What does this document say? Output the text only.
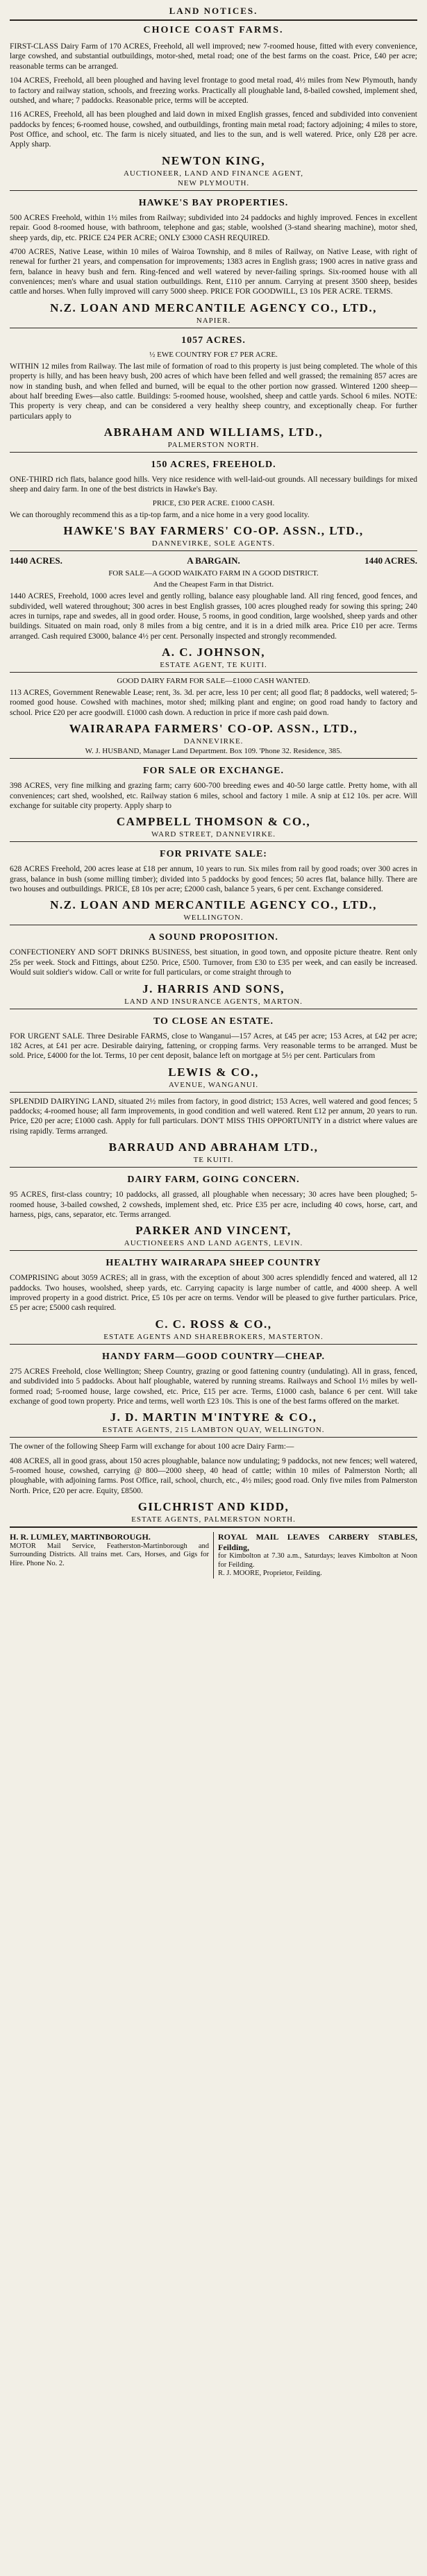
LAND NOTICES.
CHOICE COAST FARMS.

FIRST-CLASS Dairy Farm of 170 ACRES, Freehold, all well improved; new 7-roomed house, fitted with every convenience, large cowshed, and substantial outbuildings, motor-shed, metal road; one of the best farms on the coast. Price, £40 per acre; reasonable terms can be arranged.

104 ACRES, Freehold, all been ploughed and having level frontage to good metal road, 4½ miles from New Plymouth, handy to factory and railway station, schools, and freezing works. Practically all ploughable land, 8-bailed cowshed, implement shed, outshed, and whare; 7 paddocks. Reasonable price, terms will be accepted.

116 ACRES, Freehold, all has been ploughed and laid down in mixed English grasses, fenced and subdivided into convenient paddocks by fences; 6-roomed house, cowshed, and outbuildings, fronting main metal road; factory adjoining; 4 miles to store, Post Office, and school, etc. The farm is nicely situated, and lies to the sun, and is well watered. Price, only £28 per acre. Apply sharp.

NEWTON KING,
AUCTIONEER, LAND AND FINANCE AGENT,
NEW PLYMOUTH.
HAWKE'S BAY PROPERTIES.

500 ACRES Freehold, within 1½ miles from Railway; subdivided into 24 paddocks and highly improved. Fences in excellent repair. Good 8-roomed house, with bathroom, telephone and gas; stable, woolshed (3-stand shearing machine), motor shed, sheep yards, dip, etc. PRICE £24 PER ACRE; ONLY £3000 CASH REQUIRED.

4700 ACRES, Native Lease, within 10 miles of Wairoa Township, and 8 miles of Railway, on Native Lease, with right of renewal for further 21 years, and compensation for improvements; 1383 acres in English grass; 1900 acres in native grass and fern, balance in heavy bush and fern. Ring-fenced and well watered by never-failing springs. Six-roomed house with all conveniences; men's whare and usual station outbuildings. Rent, £110 per annum. Carrying at present 3500 sheep, besides cattle and horses. When fully improved will carry 5000 sheep. PRICE FOR GOODWILL, £3 10s PER ACRE. TERMS.

N.Z. LOAN AND MERCANTILE AGENCY CO., LTD.,
NAPIER.
1057 ACRES.
½ EWE COUNTRY FOR £7 PER ACRE.

WITHIN 12 miles from Railway. The last mile of formation of road to this property is just being completed. The whole of this property is hilly, and has been heavy bush, 200 acres of which have been felled and well grassed; the remaining 857 acres are now in standing bush, and when felled and burned, will be equal to the other portion now grassed. Wintered 1200 sheep—about half breeding Ewes—also cattle. Buildings: 5-roomed house, woolshed, sheep and cattle yards. School 6 miles. NOTE: This property is very cheap, and can be considered a very healthy sheep country, and exceptionally cheap. For further particulars apply to

ABRAHAM AND WILLIAMS, LTD.,
PALMERSTON NORTH.
150 ACRES, FREEHOLD.

ONE-THIRD rich flats, balance good hills. Very nice residence with well-laid-out grounds. All necessary buildings for mixed sheep and dairy farm. In one of the best districts in Hawke's Bay.

PRICE, £30 PER ACRE. £1000 CASH.

We can thoroughly recommend this as a tip-top farm, and a nice home in a very good locality.

HAWKE'S BAY FARMERS' CO-OP. ASSN., LTD.,
DANNEVIRKE, SOLE AGENTS.
1440 ACRES.	A BARGAIN.	1440 ACRES.
FOR SALE—A GOOD WAIKATO FARM IN A GOOD DISTRICT.
And the Cheapest Farm in that District.

1440 ACRES, Freehold, 1000 acres level and gently rolling, balance easy ploughable land. All ring fenced, good fences, and subdivided, well watered throughout; 300 acres in best English grasses, 100 acres ploughed ready for sowing this spring; 240 acres in turnips, rape and swedes, all in good order. House, 5 rooms, in good condition, large woolshed, sheep yards and other buildings. Situated on main road, only 8 miles from a big centre, and it is in a dried milk area. Price £10 per acre. Terms arranged. Cash required £3000, balance 4½ per cent. Personally inspected and strongly recommended.

A. C. JOHNSON,
ESTATE AGENT, TE KUITI.
GOOD DAIRY FARM FOR SALE—£1000 CASH WANTED.

113 ACRES, Government Renewable Lease; rent, 3s. 3d. per acre, less 10 per cent; all good flat; 8 paddocks, well watered; 5-roomed good house. Cowshed with machines, motor shed; milking plant and engine; on good road handy to factory and school. Price £20 per acre goodwill. £1000 cash down. A reduction in price if more cash paid down.

WAIRARAPA FARMERS' CO-OP. ASSN., LTD.,
DANNEVIRKE.
W. J. HUSBAND, Manager Land Department. Box 109. 'Phone 32. Residence, 385.
FOR SALE OR EXCHANGE.

398 ACRES, very fine milking and grazing farm; carry 600-700 breeding ewes and 40-50 large cattle. Pretty home, with all conveniences; cart shed, woolshed, etc. Railway station 6 miles, school and factory 1 mile. A snip at £12 10s. per acre. Will exchange for suitable city property. Apply sharp to

CAMPBELL THOMSON & CO.,
WARD STREET, DANNEVIRKE.
FOR PRIVATE SALE:

628 ACRES Freehold, 200 acres lease at £18 per annum, 10 years to run. Six miles from rail by good roads; over 300 acres in grass, balance in bush (some milling timber); divided into 5 paddocks by good fences; 50 acres flat, balance hilly. There are two houses and outbuildings. PRICE, £8 10s per acre; £2000 cash, balance 5 years, 6 per cent. Exchange considered.

N.Z. LOAN AND MERCANTILE AGENCY CO., LTD.,
WELLINGTON.
A SOUND PROPOSITION.

CONFECTIONERY AND SOFT DRINKS BUSINESS, best situation, in good town, and opposite picture theatre. Rent only 25s per week. Stock and Fittings, about £250. Price, £500. Turnover, from £30 to £35 per week, and can easily be increased. Would suit soldier's widow. Call or write for full particulars, or come straight through to

J. HARRIS AND SONS,
LAND AND INSURANCE AGENTS, MARTON.
TO CLOSE AN ESTATE.

FOR URGENT SALE. Three Desirable FARMS, close to Wanganui—157 Acres, at £45 per acre; 153 Acres, at £42 per acre; 182 Acres, at £41 per acre. Desirable dairying, fattening, or cropping farms. Very reasonable terms to be arranged. Must be sold. Price, £4000 for the lot. Terms, 10 per cent deposit, balance left on mortgage at 5½ per cent. Particulars from

LEWIS & CO.,
AVENUE, WANGANUI.

SPLENDID DAIRYING LAND, situated 2½ miles from factory, in good district; 153 Acres, well watered and good fences; 5 paddocks; 4-roomed house; all farm improvements, in good condition and well watered. Rent £12 per annum, 20 years to run. Price, £20 per acre; £1000 cash. Apply for full particulars. DON'T MISS THIS OPPORTUNITY in a district where values are rising rapidly. Terms arranged.

BARRAUD AND ABRAHAM LTD.,
TE KUITI.
DAIRY FARM, GOING CONCERN.

95 ACRES, first-class country; 10 paddocks, all grassed, all ploughable when necessary; 30 acres have been ploughed; 5-roomed house, 3-bailed cowshed, 2 cowsheds, implement shed, etc. Price £35 per acre, including 40 cows, horse, cart, and harness, pigs, cans, separator, etc. Terms arranged.

PARKER AND VINCENT,
AUCTIONEERS AND LAND AGENTS, LEVIN.
HEALTHY WAIRARAPA SHEEP COUNTRY

COMPRISING about 3059 ACRES; all in grass, with the exception of about 300 acres splendidly fenced and watered, all 12 paddocks. Two houses, woolshed, sheep yards, etc. Carrying capacity is large number of cattle, and 4000 sheep. A well improved property in a good district. Price, £5 10s per acre on terms. Vendor will be pleased to give further particulars. Price, £5 per acre; £5000 cash required.

C. C. ROSS & CO.,
ESTATE AGENTS AND SHAREBROKERS, MASTERTON.
HANDY FARM—GOOD COUNTRY—CHEAP.

275 ACRES Freehold, close Wellington; Sheep Country, grazing or good fattening country (undulating). All in grass, fenced, and subdivided into 5 paddocks. About half ploughable, watered by running streams. Railways and School 1½ miles by well-formed road; 5-roomed house, large cowshed, etc. Price, £15 per acre. Terms, £1000 cash, balance 6 per cent. Will take exchange of good town property. Price and terms, well worth £23 10s. This is one of the best farms offered on the market.

J. D. MARTIN M'INTYRE & CO.,
ESTATE AGENTS, 215 LAMBTON QUAY, WELLINGTON.

The owner of the following Sheep Farm will exchange for about 100 acre Dairy Farm:—

408 ACRES, all in good grass, about 150 acres ploughable, balance now undulating; 9 paddocks, not new fences; well watered, 5-roomed house, cowshed, carrying @ 800—2000 sheep, 40 head of cattle; within 10 miles of Palmerston North; all ploughable, with adjoining farms. Post Office, rail, school, church, etc., 4½ miles; good road. Only five miles from Palmerston North. Price, £20 per acre. Equity, £8500.

GILCHRIST AND KIDD,
ESTATE AGENTS, PALMERSTON NORTH.
H. R. LUMLEY, MARTINBOROUGH.
MOTOR Mail Service, Featherston-Martinborough and Surrounding Districts. All trains met. Cars, Horses, and Gigs for Hire. Phone No. 2.
ROYAL MAIL LEAVES CARBERY STABLES, Feilding,
for Kimbolton at 7.30 a.m., Saturdays; leaves Kimbolton at Noon for Feilding.
R. J. MOORE, Proprietor, Feilding.
